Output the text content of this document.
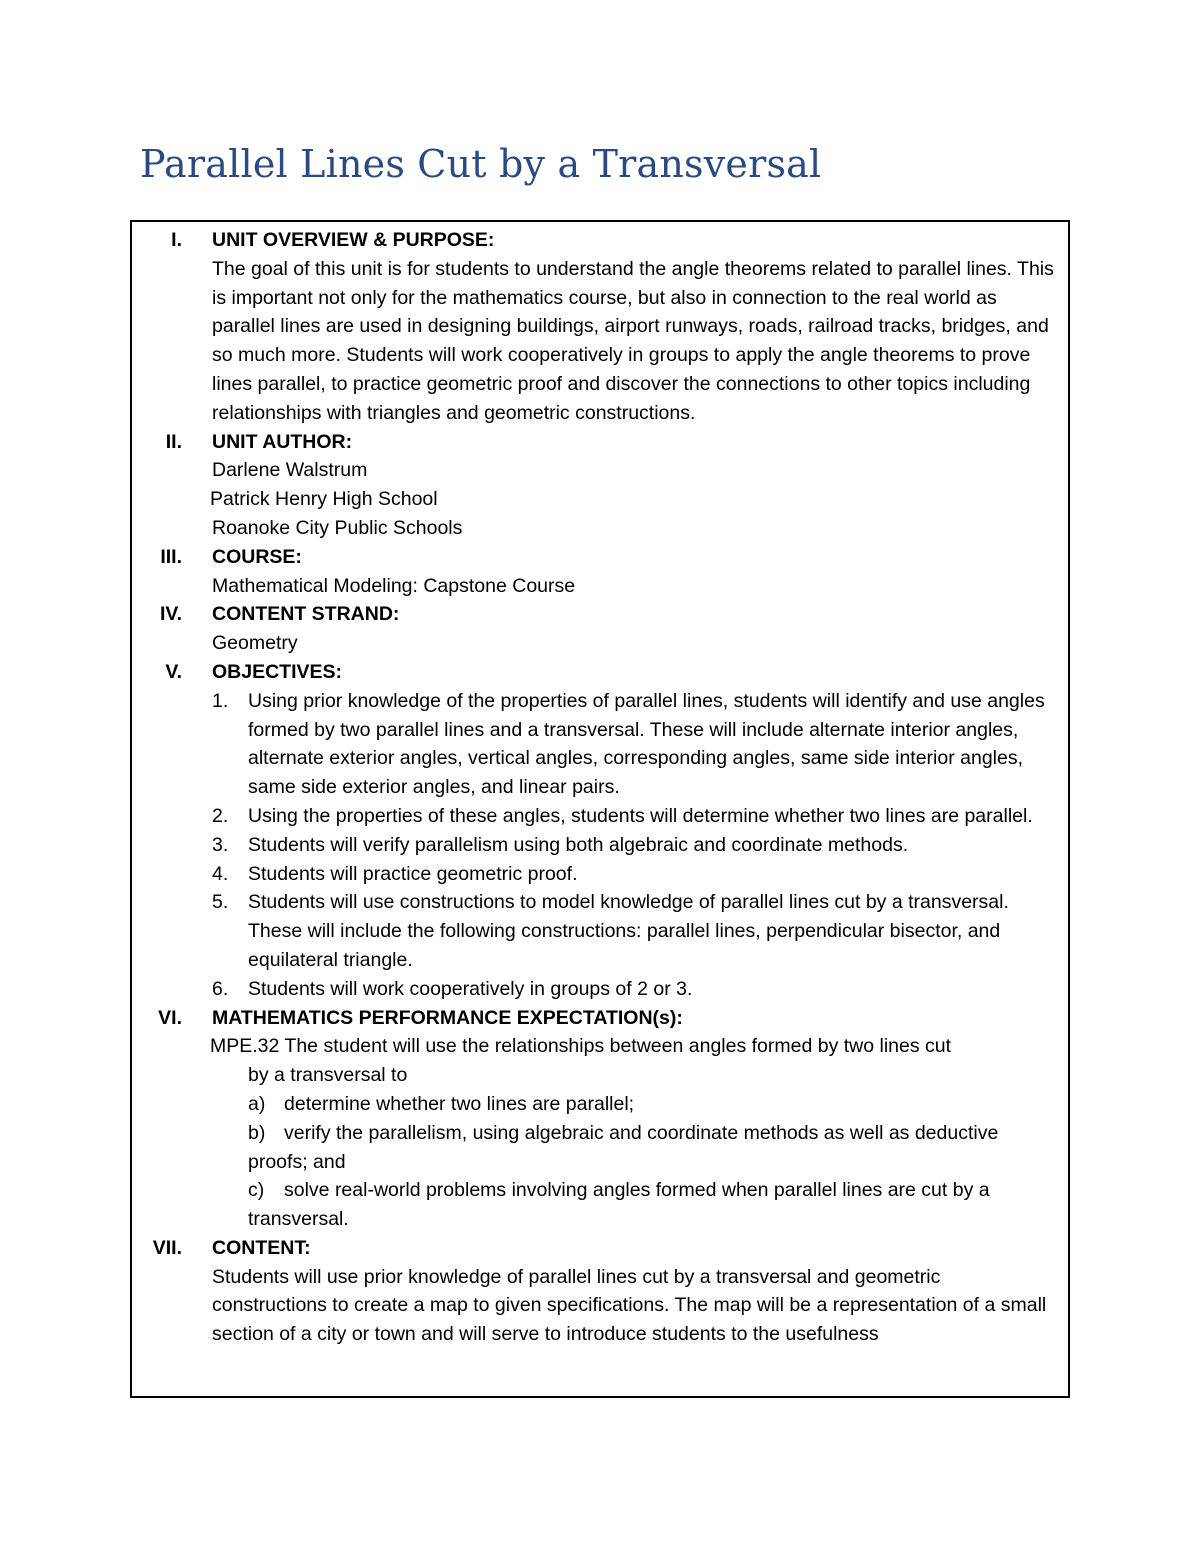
Parallel Lines Cut by a Transversal
I. UNIT OVERVIEW & PURPOSE:
The goal of this unit is for students to understand the angle theorems related to parallel lines. This is important not only for the mathematics course, but also in connection to the real world as parallel lines are used in designing buildings, airport runways, roads, railroad tracks, bridges, and so much more. Students will work cooperatively in groups to apply the angle theorems to prove lines parallel, to practice geometric proof and discover the connections to other topics including relationships with triangles and geometric constructions.
II. UNIT AUTHOR:
Darlene Walstrum
Patrick Henry High School
Roanoke City Public Schools
III. COURSE:
Mathematical Modeling: Capstone Course
IV. CONTENT STRAND:
Geometry
V. OBJECTIVES:
1.	Using prior knowledge of the properties of parallel lines, students will identify and use angles formed by two parallel lines and a transversal. These will include alternate interior angles, alternate exterior angles, vertical angles, corresponding angles, same side interior angles, same side exterior angles, and linear pairs.
2.	Using the properties of these angles, students will determine whether two lines are parallel.
3.	Students will verify parallelism using both algebraic and coordinate methods.
4.	Students will practice geometric proof.
5.	Students will use constructions to model knowledge of parallel lines cut by a transversal. These will include the following constructions: parallel lines, perpendicular bisector, and equilateral triangle.
6.	Students will work cooperatively in groups of 2 or 3.
VI. MATHEMATICS PERFORMANCE EXPECTATION(s):
MPE.32 The student will use the relationships between angles formed by two lines cut
by a transversal to
a) determine whether two lines are parallel;
b) verify the parallelism, using algebraic and coordinate methods as well as deductive proofs; and
c)	solve real-world problems involving angles formed when parallel lines are cut by a transversal.
VII. CONTENT:
Students will use prior knowledge of parallel lines cut by a transversal and geometric constructions to create a map to given specifications. The map will be a representation of a small section of a city or town and will serve to introduce students to the usefulness
